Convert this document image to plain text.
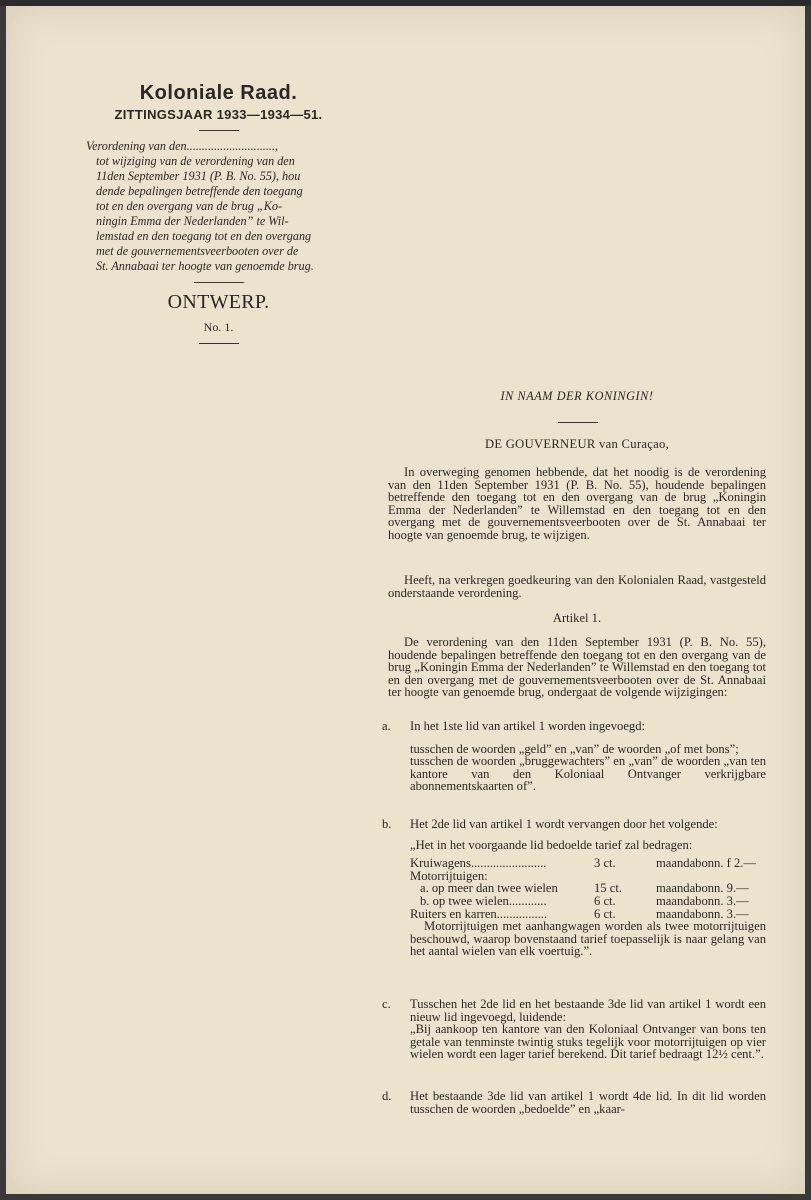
Koloniale Raad.

ZITTINGSJAAR 1933—1934—51.

Verordening van den.............................,
tot wijziging van de verordening van den
11den September 1931 (P. B. No. 55), hou
dende bepalingen betreffende den toegang
tot en den overgang van de brug „Ko-
ningin Emma der Nederlanden” te Wil-
lemstad en den toegang tot en den overgang
met de gouvernementsveerbooten over de
St. Annabaai ter hoogte van genoemde brug.

ONTWERP.

No. 1.

IN NAAM DER KONINGIN!

DE GOUVERNEUR van Curaçao,

In overweging genomen hebbende, dat het noodig is de verordening van den 11den September 1931 (P. B. No. 55), houdende bepalingen betreffende den toegang tot en den overgang van de brug „Koningin Emma der Nederlanden” te Willemstad en den toegang tot en den overgang met de gouvernementsveerbooten over de St. Annabaai ter hoogte van genoemde brug, te wijzigen.

Heeft, na verkregen goedkeuring van den Kolonialen Raad, vastgesteld onderstaande verordening.

Artikel 1.

De verordening van den 11den September 1931 (P. B. No. 55), houdende bepalingen betreffende den toegang tot en den overgang van de brug „Koningin Emma der Nederlanden” te Willemstad en den toegang tot en den overgang met de gouvernementsveerbooten over de St. Annabaai ter hoogte van genoemde brug, ondergaat de volgende wijzigingen:

a. In het 1ste lid van artikel 1 worden ingevoegd:
tusschen de woorden „geld” en „van” de woorden „of met bons”;
tusschen de woorden „bruggewachters” en „van” de woorden „van ten kantore van den Koloniaal Ontvanger verkrijgbare abonnementskaarten of”.
b. Het 2de lid van artikel 1 wordt vervangen door het volgende:
„Het in het voorgaande lid bedoelde tarief zal bedragen:
Kruiwagens........................	3 ct.	maandabonn. f 2.—
Motorrijtuigen:
a. op meer dan twee wielen	15 ct.	maandabonn. 9.—
b. op twee wielen............	6 ct.	maandabonn. 3.—
Ruiters en karren................	6 ct.	maandabonn. 3.—
Motorrijtuigen met aanhangwagen worden als twee motorrijtuigen beschouwd, waarop bovenstaand tarief toepasselijk is naar gelang van het aantal wielen van elk voertuig.”.
c. Tusschen het 2de lid en het bestaande 3de lid van artikel 1 wordt een nieuw lid ingevoegd, luidende:
„Bij aankoop ten kantore van den Koloniaal Ontvanger van bons ten getale van tenminste twintig stuks tegelijk voor motorrijtuigen op vier wielen wordt een lager tarief berekend. Dit tarief bedraagt 12½ cent.”.
d. Het bestaande 3de lid van artikel 1 wordt 4de lid. In dit lid worden tusschen de woorden „bedoelde” en „kaar-
